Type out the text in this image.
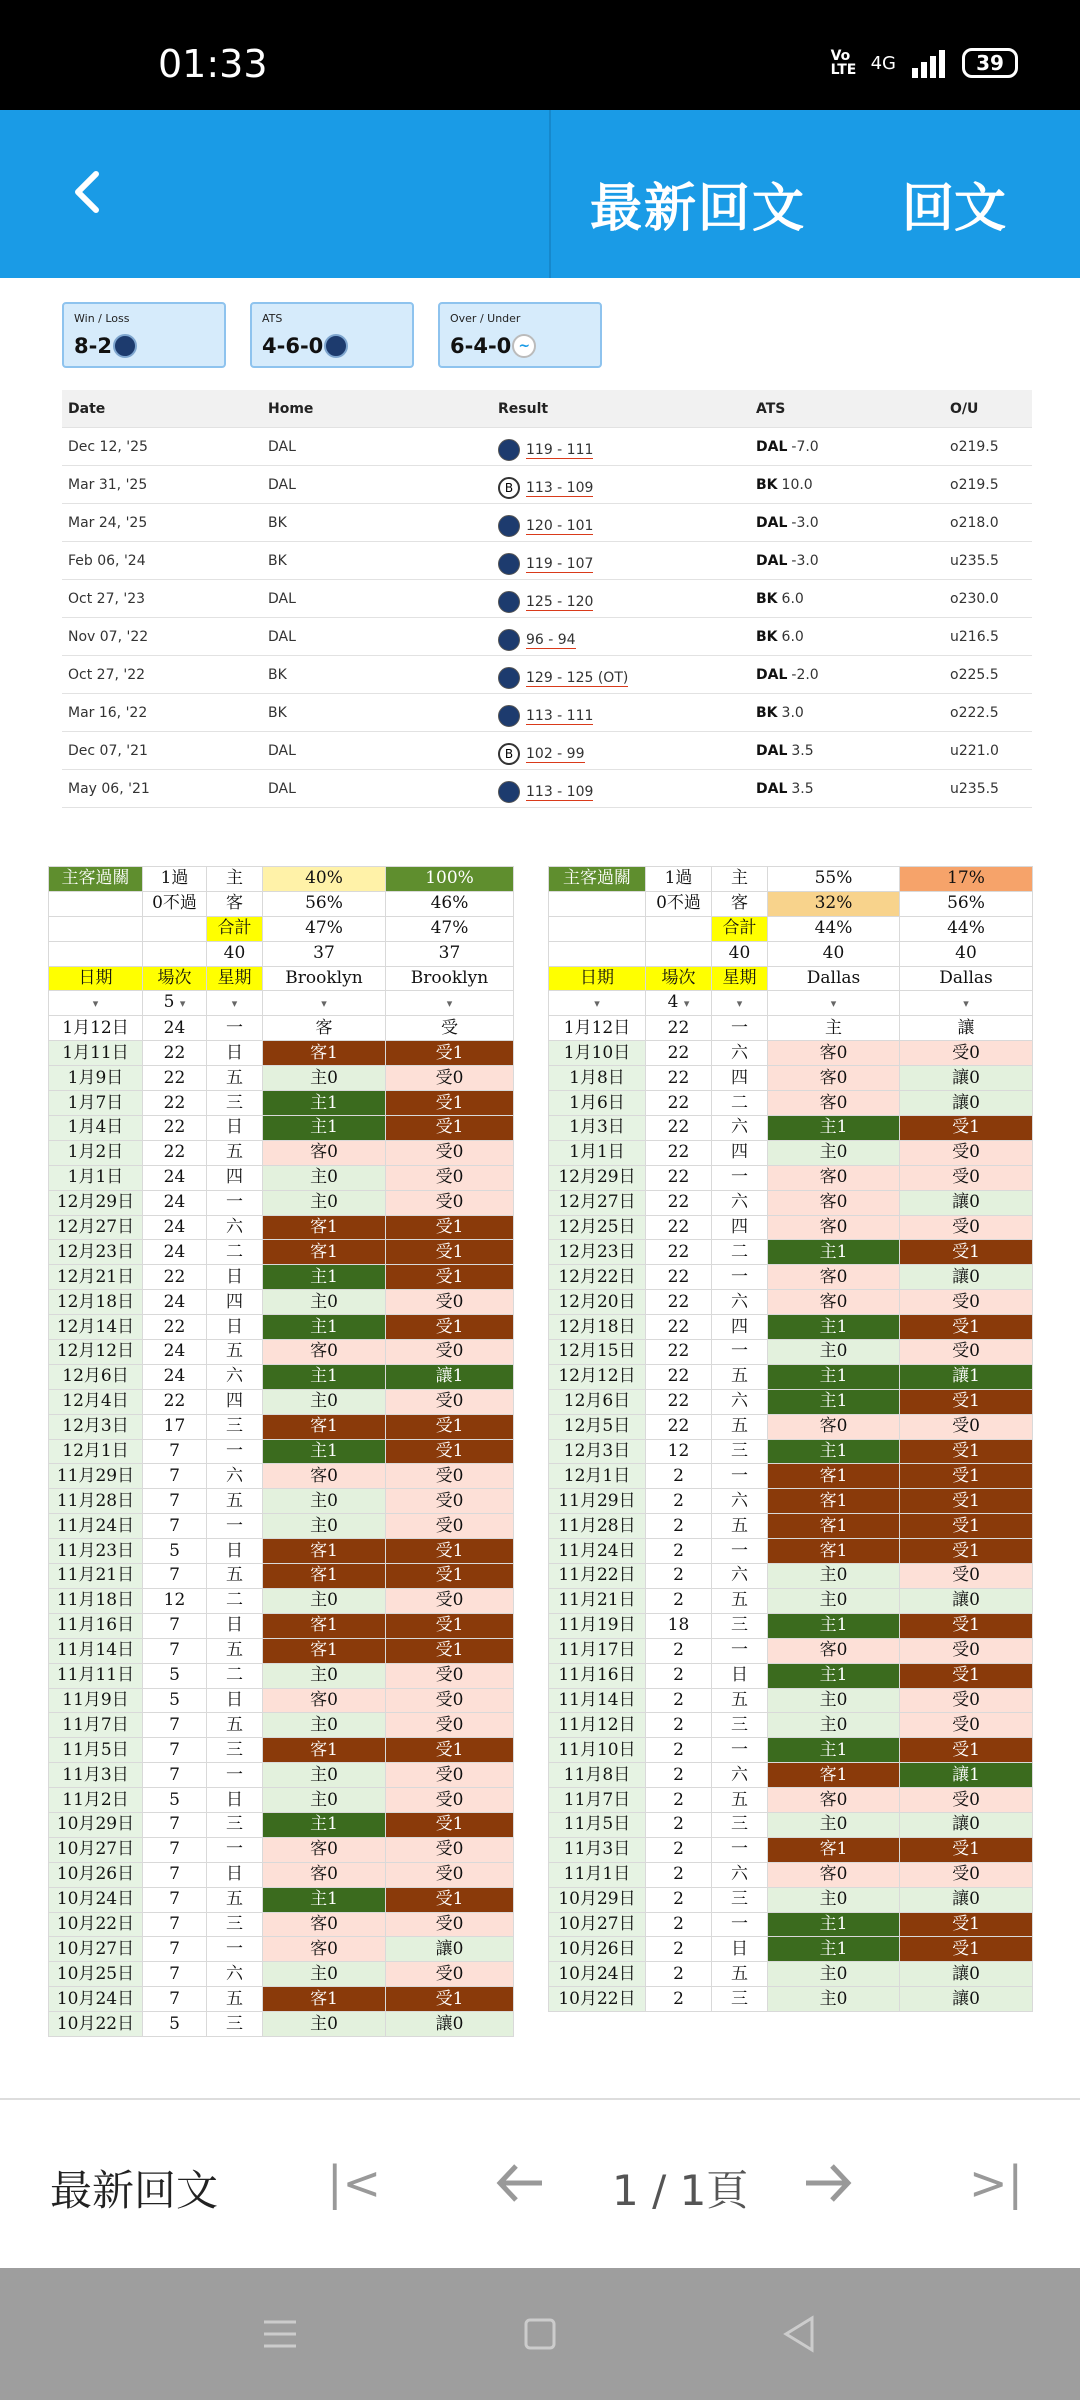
01:33	Vo LTE 4G	39
最新回文 回文
Win / Loss
8-2
ATS
4-6-0
Over / Under
6-4-0 ~
Date	Home	Result	ATS	O/U
Dec 12, '25	DAL	119 - 111	DAL -7.0	o219.5
Mar 31, '25	DAL	B 113 - 109	BK 10.0	o219.5
Mar 24, '25	BK	120 - 101	DAL -3.0	o218.0
Feb 06, '24	BK	119 - 107	DAL -3.0	u235.5
Oct 27, '23	DAL	125 - 120	BK 6.0	o230.0
Nov 07, '22	DAL	96 - 94	BK 6.0	u216.5
Oct 27, '22	BK	129 - 125 (OT)	DAL -2.0	o225.5
Mar 16, '22	BK	113 - 111	BK 3.0	o222.5
Dec 07, '21	DAL	B 102 - 99	DAL 3.5	u221.0
May 06, '21	DAL	113 - 109	DAL 3.5	u235.5
主客過關	1過	主	40%	100%
	0不過	客	56%	46%
		合計	47%	47%
		40	37	37
日期	場次	星期	Brooklyn	Brooklyn
▾	5 ▾	▾	▾	▾
1月12日	24	一	客	受
1月11日	22	日	客1	受1
1月9日	22	五	主0	受0
1月7日	22	三	主1	受1
1月4日	22	日	主1	受1
1月2日	22	五	客0	受0
1月1日	24	四	主0	受0
12月29日	24	一	主0	受0
12月27日	24	六	客1	受1
12月23日	24	二	客1	受1
12月21日	22	日	主1	受1
12月18日	24	四	主0	受0
12月14日	22	日	主1	受1
12月12日	24	五	客0	受0
12月6日	24	六	主1	讓1
12月4日	22	四	主0	受0
12月3日	17	三	客1	受1
12月1日	7	一	主1	受1
11月29日	7	六	客0	受0
11月28日	7	五	主0	受0
11月24日	7	一	主0	受0
11月23日	5	日	客1	受1
11月21日	7	五	客1	受1
11月18日	12	二	主0	受0
11月16日	7	日	客1	受1
11月14日	7	五	客1	受1
11月11日	5	二	主0	受0
11月9日	5	日	客0	受0
11月7日	7	五	主0	受0
11月5日	7	三	客1	受1
11月3日	7	一	主0	受0
11月2日	5	日	主0	受0
10月29日	7	三	主1	受1
10月27日	7	一	客0	受0
10月26日	7	日	客0	受0
10月24日	7	五	主1	受1
10月22日	7	三	客0	受0
10月27日	7	一	客0	讓0
10月25日	7	六	主0	受0
10月24日	7	五	客1	受1
10月22日	5	三	主0	讓0
主客過關	1過	主	55%	17%
	0不過	客	32%	56%
		合計	44%	44%
		40	40	40
日期	場次	星期	Dallas	Dallas
▾	4 ▾	▾	▾	▾
1月12日	22	一	主	讓
1月10日	22	六	客0	受0
1月8日	22	四	客0	讓0
1月6日	22	二	客0	讓0
1月3日	22	六	主1	受1
1月1日	22	四	主0	受0
12月29日	22	一	客0	受0
12月27日	22	六	客0	讓0
12月25日	22	四	客0	受0
12月23日	22	二	主1	受1
12月22日	22	一	客0	讓0
12月20日	22	六	客0	受0
12月18日	22	四	主1	受1
12月15日	22	一	主0	受0
12月12日	22	五	主1	讓1
12月6日	22	六	主1	受1
12月5日	22	五	客0	受0
12月3日	12	三	主1	受1
12月1日	2	一	客1	受1
11月29日	2	六	客1	受1
11月28日	2	五	客1	受1
11月24日	2	一	客1	受1
11月22日	2	六	主0	受0
11月21日	2	五	主0	讓0
11月19日	18	三	主1	受1
11月17日	2	一	客0	受0
11月16日	2	日	主1	受1
11月14日	2	五	主0	受0
11月12日	2	三	主0	受0
11月10日	2	一	主1	受1
11月8日	2	六	客1	讓1
11月7日	2	五	客0	受0
11月5日	2	三	主0	讓0
11月3日	2	一	客1	受1
11月1日	2	六	客0	受0
10月29日	2	三	主0	讓0
10月27日	2	一	主1	受1
10月26日	2	日	主1	受1
10月24日	2	五	主0	讓0
10月22日	2	三	主0	讓0
最新回文 |<	1 / 1頁	>|
